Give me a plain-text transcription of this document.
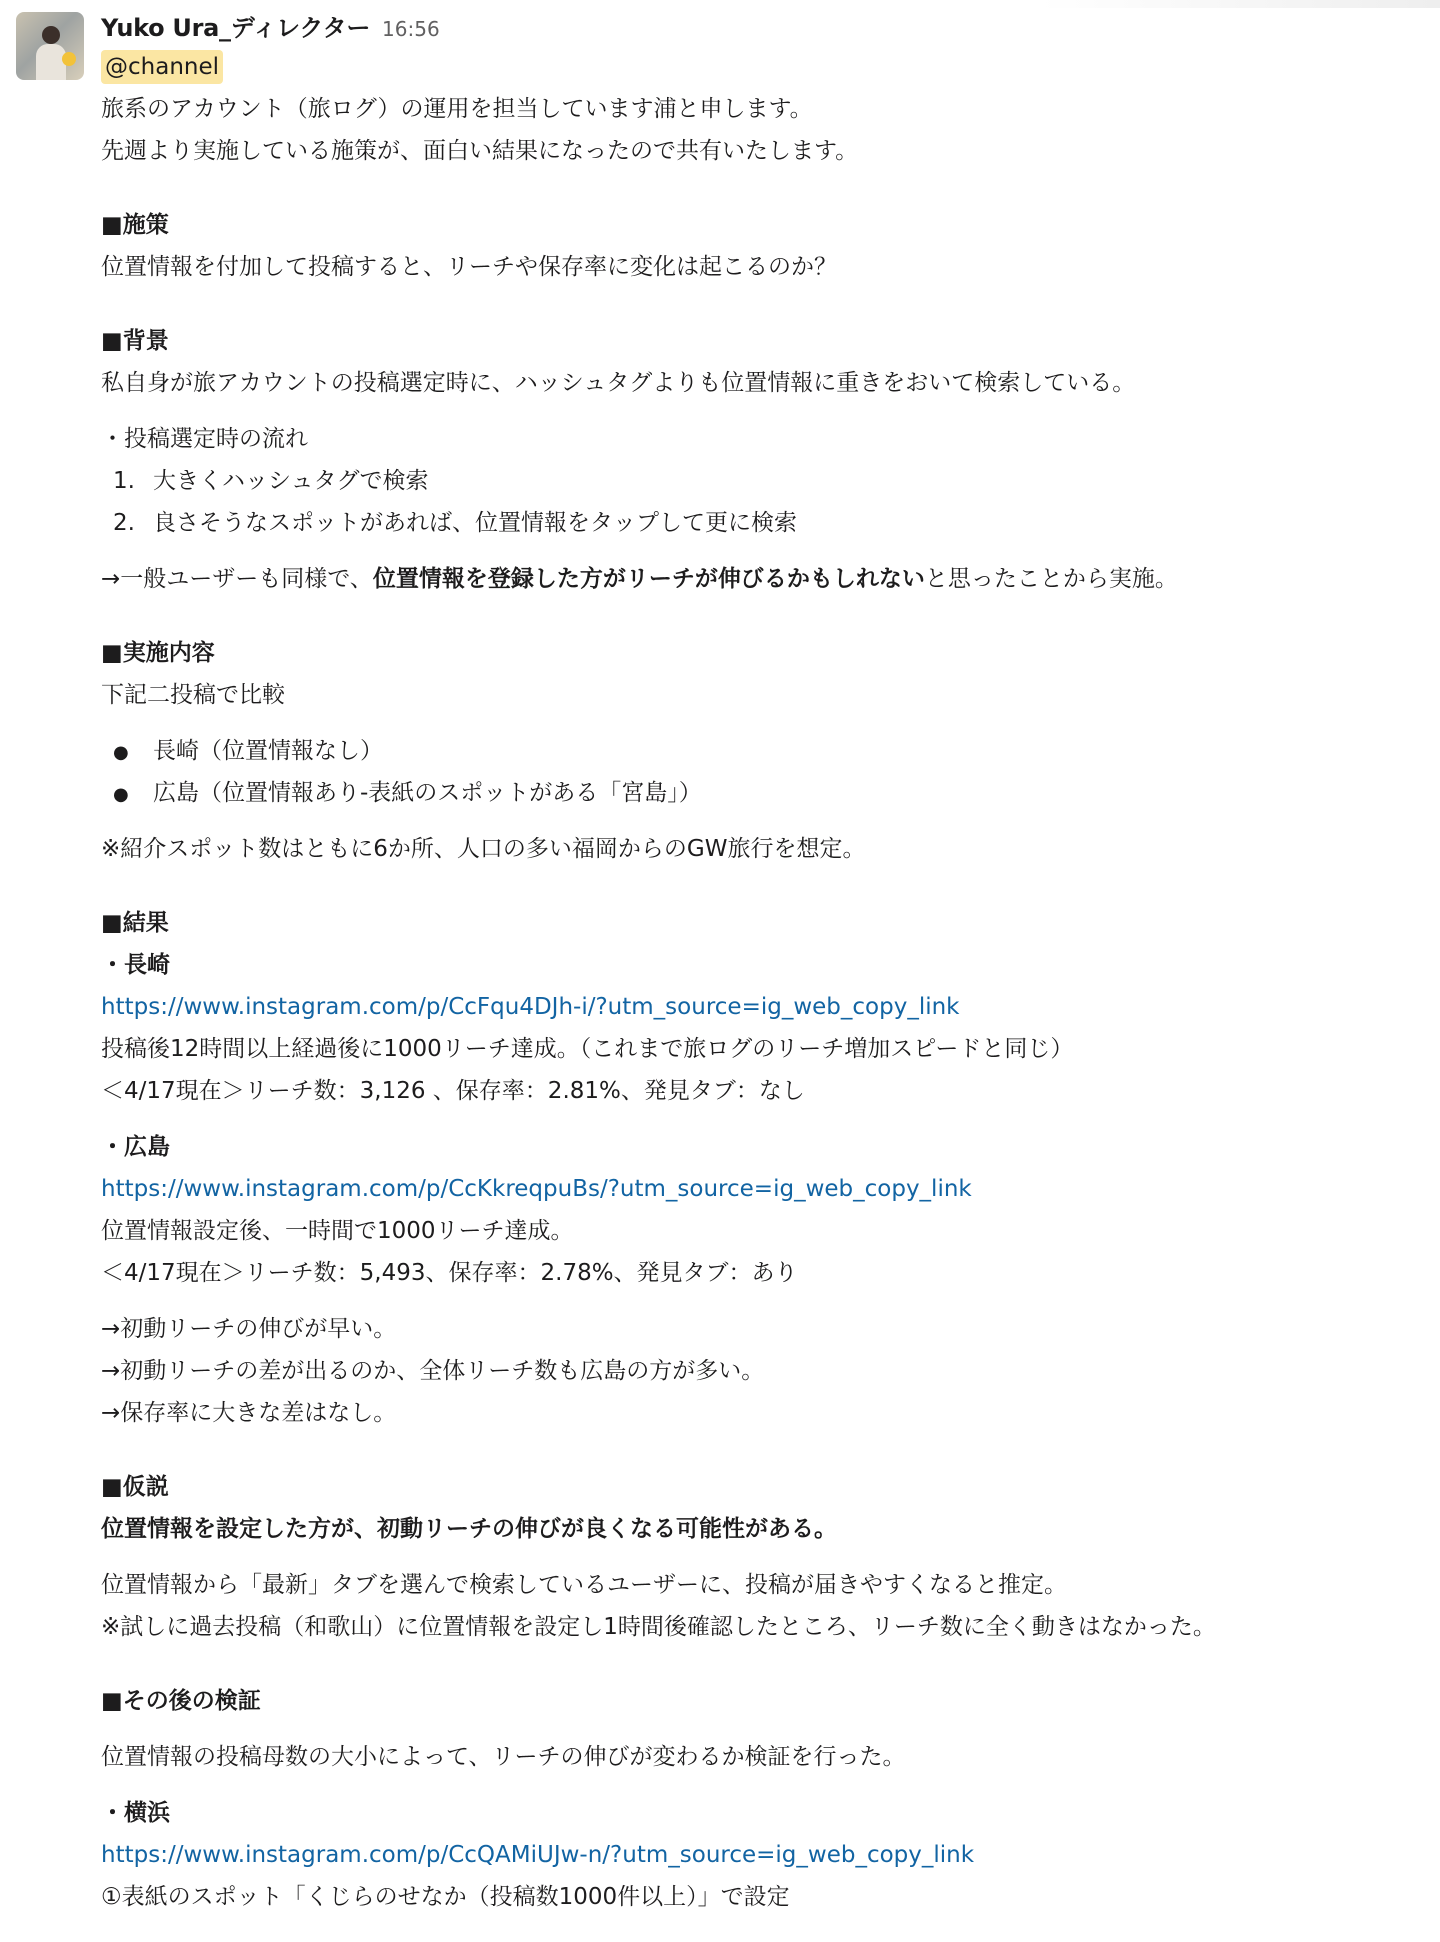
Yuko Ura_ディレクター 16:56
@channel
旅系のアカウント（旅ログ）の運用を担当しています浦と申します。
先週より実施している施策が、面白い結果になったので共有いたします。
■施策
位置情報を付加して投稿すると、リーチや保存率に変化は起こるのか？
■背景
私自身が旅アカウントの投稿選定時に、ハッシュタグよりも位置情報に重きをおいて検索している。
・投稿選定時の流れ
1. 大きくハッシュタグで検索
2. 良さそうなスポットがあれば、位置情報をタップして更に検索
→一般ユーザーも同様で、位置情報を登録した方がリーチが伸びるかもしれないと思ったことから実施。
■実施内容
下記二投稿で比較
● 長崎（位置情報なし）
● 広島（位置情報あり-表紙のスポットがある「宮島」）
※紹介スポット数はともに6か所、人口の多い福岡からのGW旅行を想定。
■結果
・長崎
https://www.instagram.com/p/CcFqu4DJh-i/?utm_source=ig_web_copy_link
投稿後12時間以上経過後に1000リーチ達成。（これまで旅ログのリーチ増加スピードと同じ）
＜4/17現在＞リーチ数：3,126 、保存率：2.81%、発見タブ：なし
・広島
https://www.instagram.com/p/CcKkreqpuBs/?utm_source=ig_web_copy_link
位置情報設定後、一時間で1000リーチ達成。
＜4/17現在＞リーチ数：5,493、保存率：2.78%、発見タブ：あり
→初動リーチの伸びが早い。
→初動リーチの差が出るのか、全体リーチ数も広島の方が多い。
→保存率に大きな差はなし。
■仮説
位置情報を設定した方が、初動リーチの伸びが良くなる可能性がある。
位置情報から「最新」タブを選んで検索しているユーザーに、投稿が届きやすくなると推定。
※試しに過去投稿（和歌山）に位置情報を設定し1時間後確認したところ、リーチ数に全く動きはなかった。
■その後の検証
位置情報の投稿母数の大小によって、リーチの伸びが変わるか検証を行った。
・横浜
https://www.instagram.com/p/CcQAMiUJw-n/?utm_source=ig_web_copy_link
①表紙のスポット「くじらのせなか（投稿数1000件以上）」で設定
